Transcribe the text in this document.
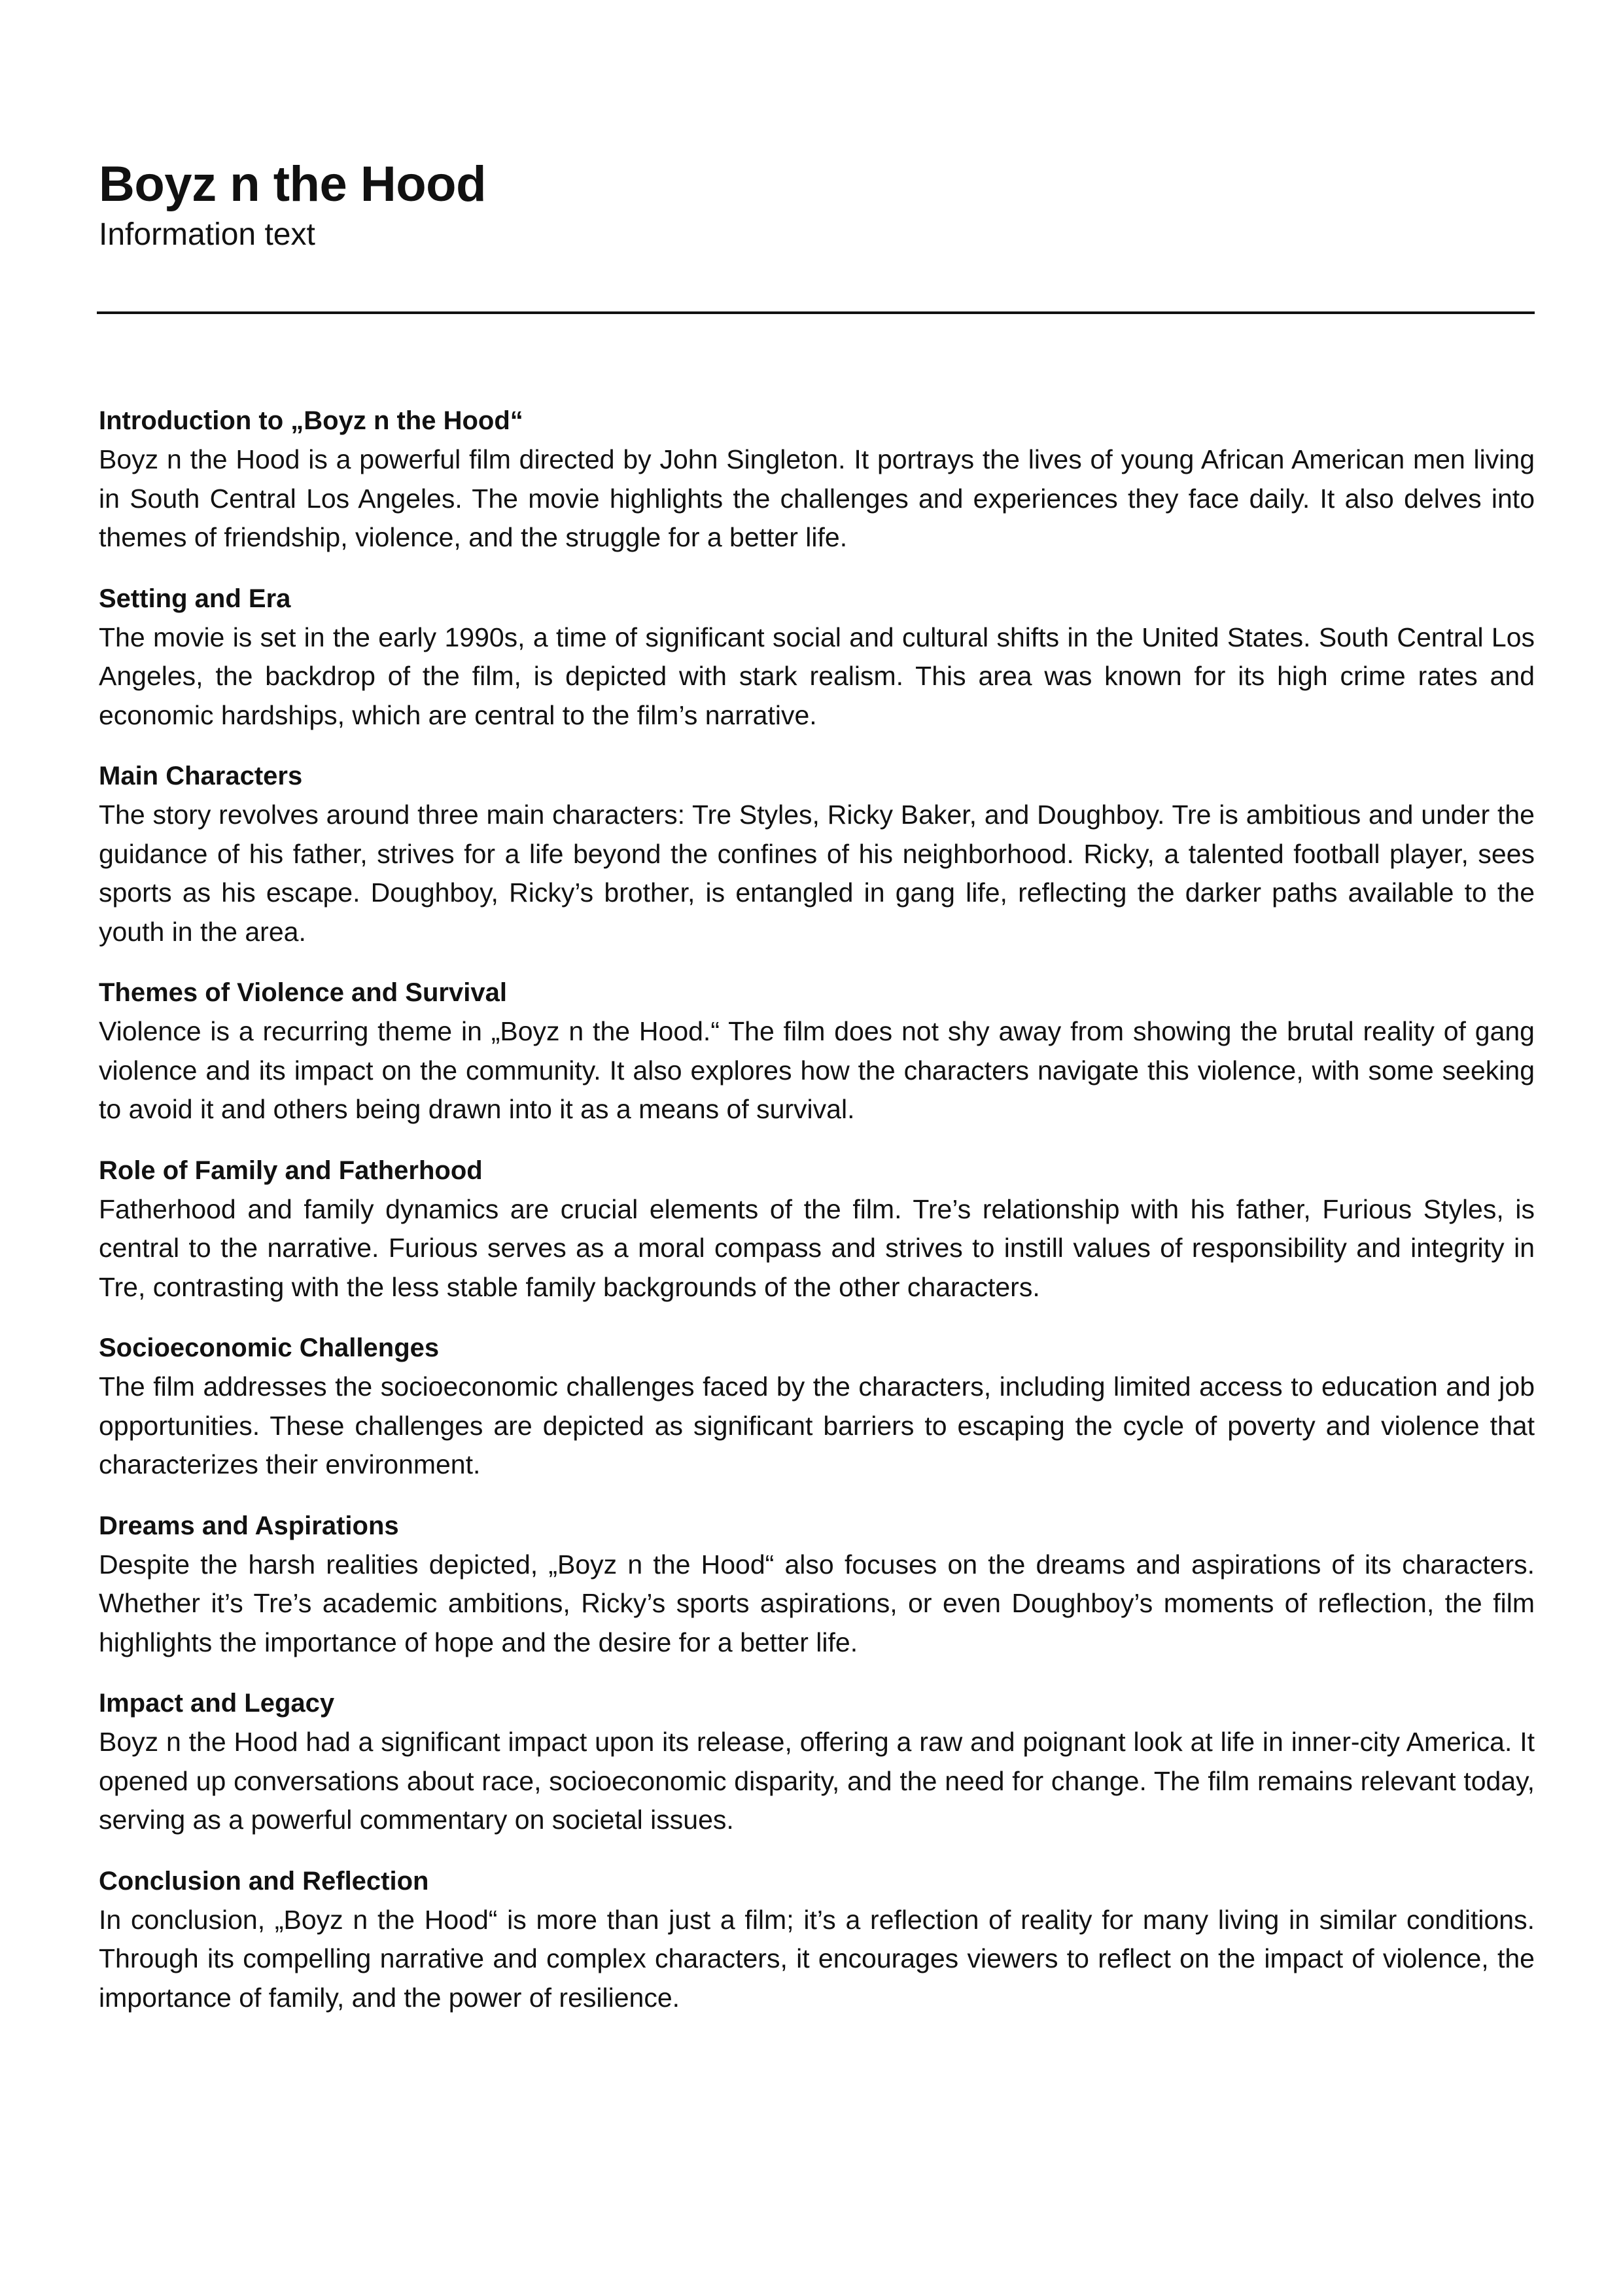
Boyz n the Hood

Information text

Introduction to „Boyz n the Hood“

Boyz n the Hood is a powerful film directed by John Singleton. It portrays the lives of young African American men living in South Central Los Angeles. The movie highlights the challenges and experiences they face daily. It also delves into themes of friendship, violence, and the struggle for a better life.

Setting and Era

The movie is set in the early 1990s, a time of significant social and cultural shifts in the United States. South Central Los Angeles, the backdrop of the film, is depicted with stark realism. This area was known for its high crime rates and economic hardships, which are central to the film’s narrative.

Main Characters

The story revolves around three main characters: Tre Styles, Ricky Baker, and Doughboy. Tre is ambitious and under the guidance of his father, strives for a life beyond the confines of his neighborhood. Ricky, a talented football player, sees sports as his escape. Doughboy, Ricky’s brother, is entangled in gang life, reflecting the darker paths available to the youth in the area.

Themes of Violence and Survival

Violence is a recurring theme in „Boyz n the Hood.“ The film does not shy away from showing the brutal reality of gang violence and its impact on the community. It also explores how the characters navigate this violence, with some seeking to avoid it and others being drawn into it as a means of survival.

Role of Family and Fatherhood

Fatherhood and family dynamics are crucial elements of the film. Tre’s relationship with his father, Furious Styles, is central to the narrative. Furious serves as a moral compass and strives to instill values of responsibility and integrity in Tre, contrasting with the less stable family backgrounds of the other characters.

Socioeconomic Challenges

The film addresses the socioeconomic challenges faced by the characters, including limited access to education and job opportunities. These challenges are depicted as significant barriers to escaping the cycle of poverty and violence that characterizes their environment.

Dreams and Aspirations

Despite the harsh realities depicted, „Boyz n the Hood“ also focuses on the dreams and aspirations of its characters. Whether it’s Tre’s academic ambitions, Ricky’s sports aspirations, or even Doughboy’s moments of reflection, the film highlights the importance of hope and the desire for a better life.

Impact and Legacy

Boyz n the Hood had a significant impact upon its release, offering a raw and poignant look at life in inner-city America. It opened up conversations about race, socioeconomic disparity, and the need for change. The film remains relevant today, serving as a powerful commentary on societal issues.

Conclusion and Reflection

In conclusion, „Boyz n the Hood“ is more than just a film; it’s a reflection of reality for many living in similar conditions. Through its compelling narrative and complex characters, it encourages viewers to reflect on the impact of violence, the importance of family, and the power of resilience.
